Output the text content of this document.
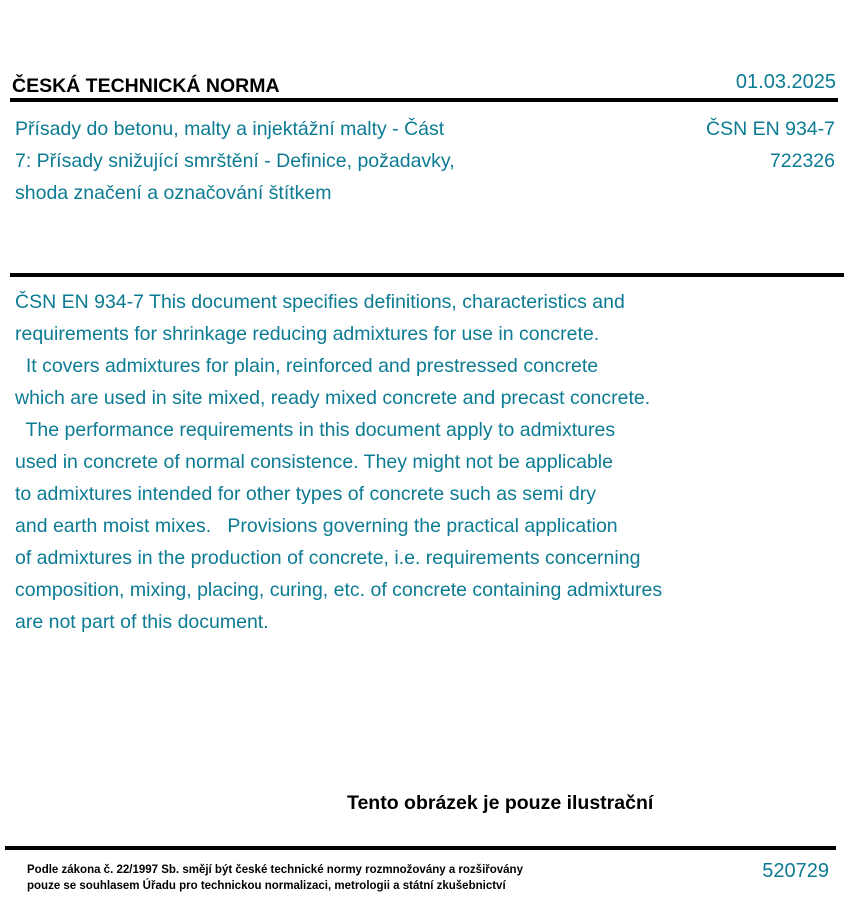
ČESKÁ TECHNICKÁ NORMA	01.03.2025
Přísady do betonu, malty a injektážní malty - Část
7: Přísady snižující smrštění - Definice, požadavky,
shoda značení a označování štítkem
ČSN EN 934-7
722326
ČSN EN 934-7 This document specifies definitions, characteristics and
requirements for shrinkage reducing admixtures for use in concrete.
It covers admixtures for plain, reinforced and prestressed concrete
which are used in site mixed, ready mixed concrete and precast concrete.
The performance requirements in this document apply to admixtures
used in concrete of normal consistence. They might not be applicable
to admixtures intended for other types of concrete such as semi dry
and earth moist mixes.   Provisions governing the practical application
of admixtures in the production of concrete, i.e. requirements concerning
composition, mixing, placing, curing, etc. of concrete containing admixtures
are not part of this document.
Tento obrázek je pouze ilustrační
Podle zákona č. 22/1997 Sb. smějí být české technické normy rozmnožovány a rozšiřovány
pouze se souhlasem Úřadu pro technickou normalizaci, metrologii a státní zkušebnictví
520729
